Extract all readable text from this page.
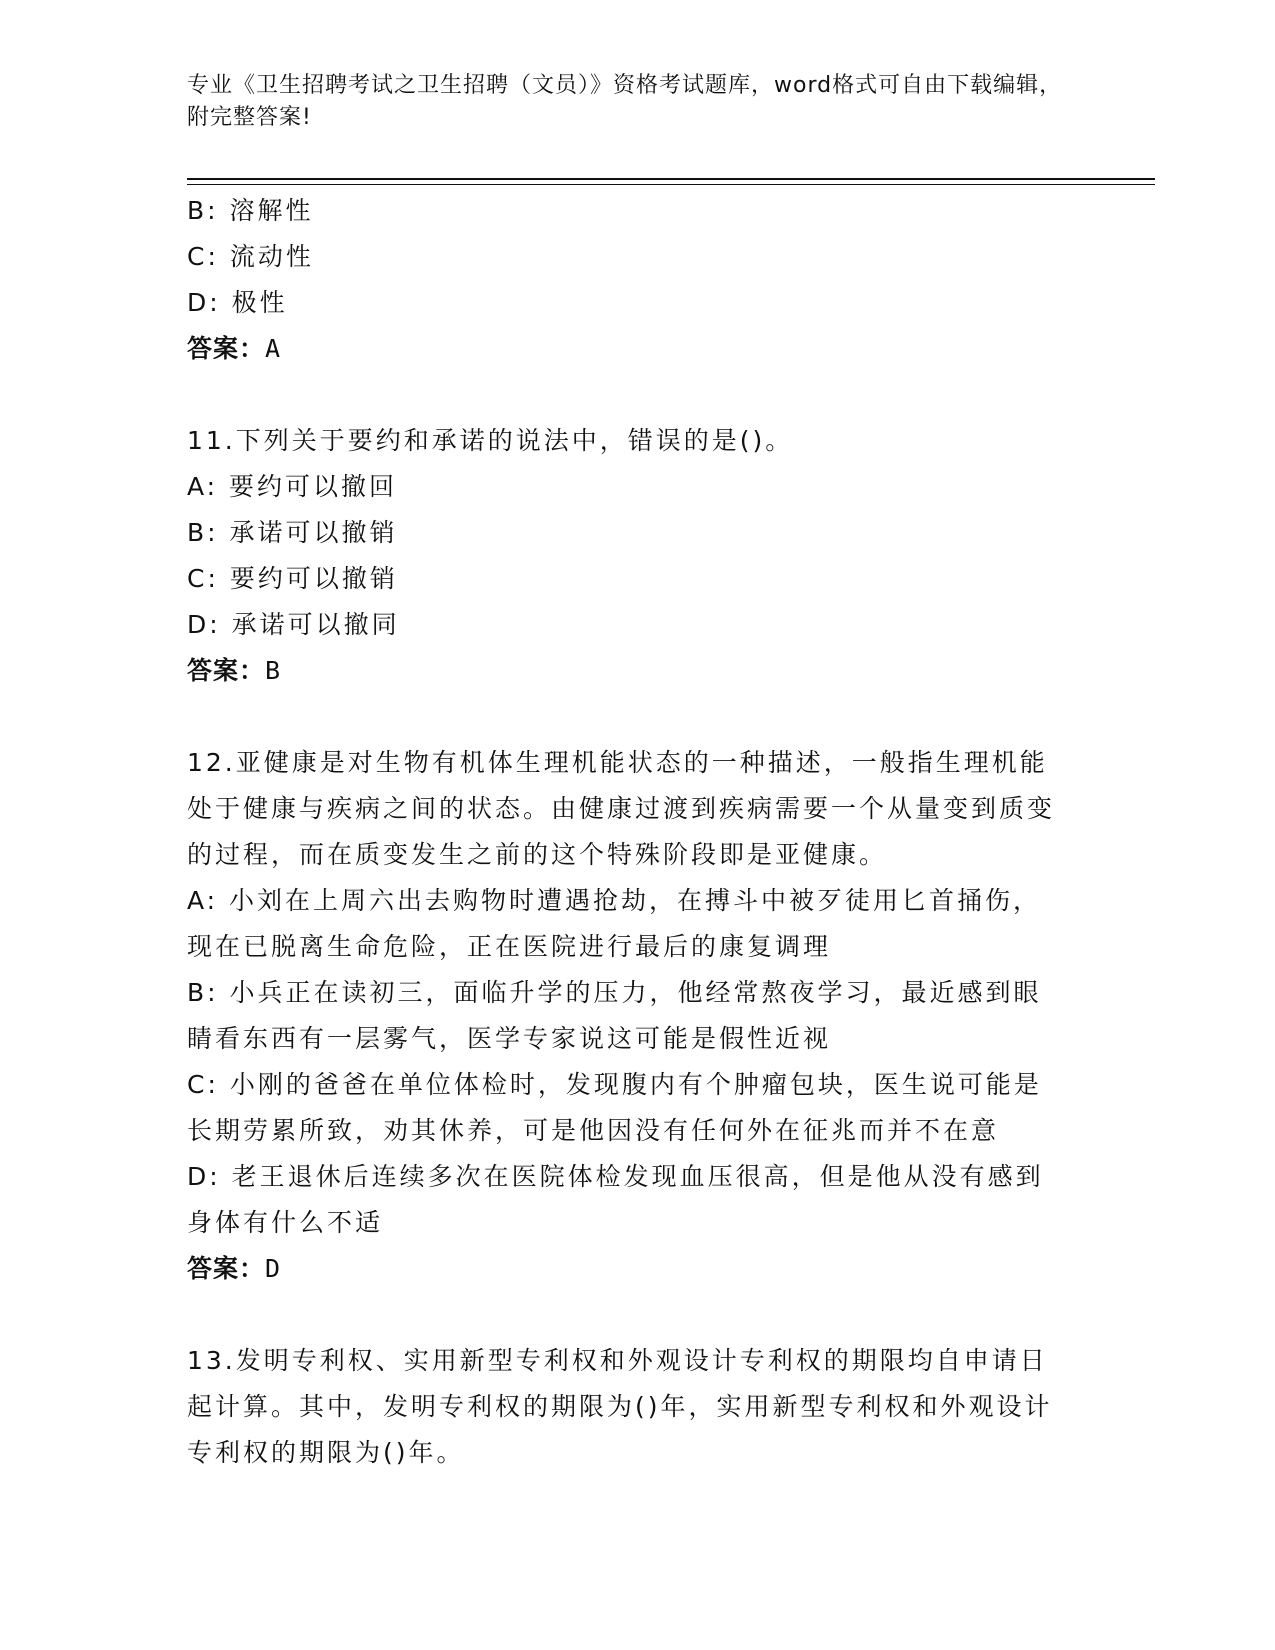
专业《卫生招聘考试之卫生招聘（文员）》资格考试题库，word格式可自由下载编辑，附完整答案!

B: 溶解性

C: 流动性

D: 极性

答案：A

11.下列关于要约和承诺的说法中，错误的是()。

A: 要约可以撤回

B: 承诺可以撤销

C: 要约可以撤销

D: 承诺可以撤同

答案：B

12.亚健康是对生物有机体生理机能状态的一种描述，一般指生理机能处于健康与疾病之间的状态。由健康过渡到疾病需要一个从量变到质变的过程，而在质变发生之前的这个特殊阶段即是亚健康。

A: 小刘在上周六出去购物时遭遇抢劫，在搏斗中被歹徒用匕首捅伤，现在已脱离生命危险，正在医院进行最后的康复调理

B: 小兵正在读初三，面临升学的压力，他经常熬夜学习，最近感到眼睛看东西有一层雾气，医学专家说这可能是假性近视

C: 小刚的爸爸在单位体检时，发现腹内有个肿瘤包块，医生说可能是长期劳累所致，劝其休养，可是他因没有任何外在征兆而并不在意

D: 老王退休后连续多次在医院体检发现血压很高，但是他从没有感到身体有什么不适

答案：D

13.发明专利权、实用新型专利权和外观设计专利权的期限均自申请日起计算。其中，发明专利权的期限为()年，实用新型专利权和外观设计专利权的期限为()年。
